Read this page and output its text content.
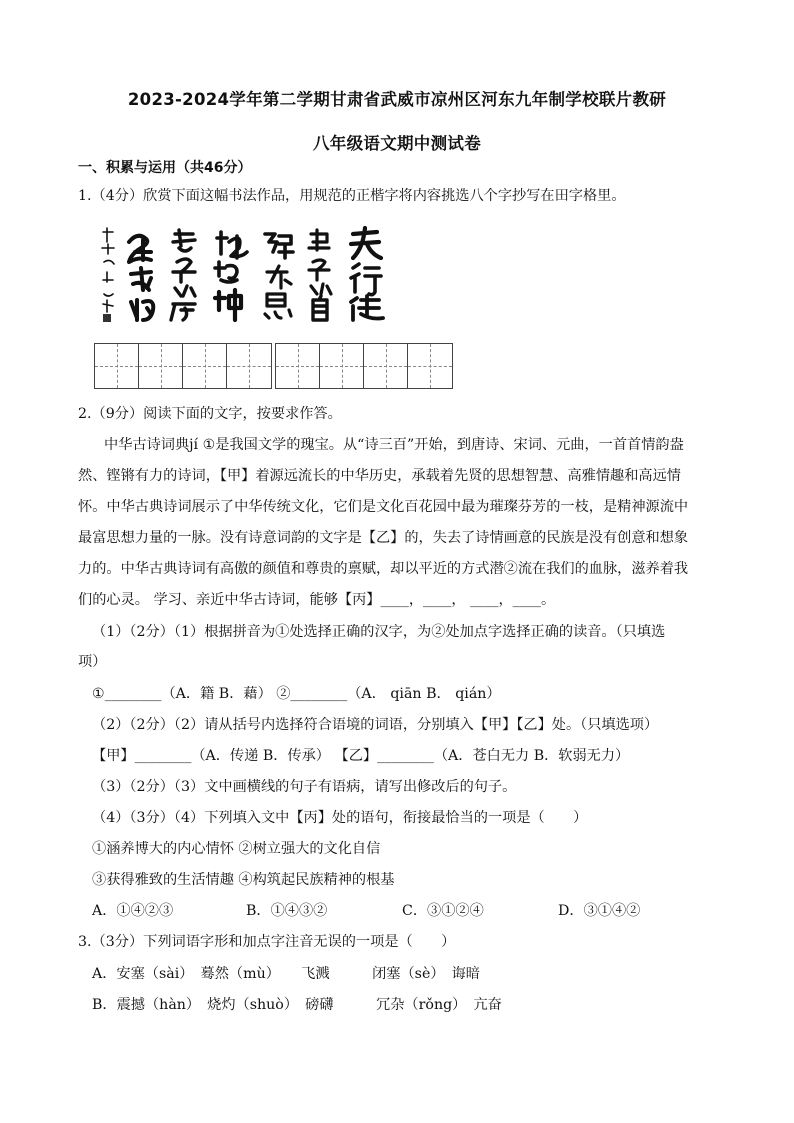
2023-2024学年第二学期甘肃省武威市凉州区河东九年制学校联片教研
八年级语文期中测试卷
一、积累与运用（共46分）
1.（4分）欣赏下面这幅书法作品，用规范的正楷字将内容挑选八个字抄写在田字格里。
2.（9分）阅读下面的文字，按要求作答。
中华古诗词典jí ①是我国文学的瑰宝。从“诗三百”开始，到唐诗、宋词、元曲，一首首情韵盎
然、铿锵有力的诗词，【甲】着源远流长的中华历史，承载着先贤的思想智慧、高雅情趣和高远情
怀。中华古典诗词展示了中华传统文化，它们是文化百花园中最为璀璨芬芳的一枝，是精神源流中
最富思想力量的一脉。没有诗意词韵的文字是【乙】的，失去了诗情画意的民族是没有创意和想象
力的。中华古典诗词有高傲的颜值和尊贵的禀赋，却以平近的方式潜②流在我们的血脉，滋养着我
们的心灵。 学习、亲近中华古诗词，能够【丙】____，____， ____，____。
（1）（2分）（1）根据拼音为①处选择正确的汉字，为②处加点字选择正确的读音。（只填选
项）
①________（A．籍 B．藉） ②________（A． qiān B． qián）
（2）（2分）（2）请从括号内选择符合语境的词语，分别填入【甲】【乙】处。（只填选项）
【甲】________（A．传递 B．传承） 【乙】________（A．苍白无力 B．软弱无力）
（3）（2分）（3）文中画横线的句子有语病，请写出修改后的句子。
（4）（3分）（4）下列填入文中【丙】处的语句，衔接最恰当的一项是（　　）
①涵养博大的内心情怀 ②树立强大的文化自信
③获得雅致的生活情趣 ④构筑起民族精神的根基
A．①④②③	B．①④③②	C．③①②④	D．③①④②
3.（3分）下列词语字形和加点字注音无误的一项是（　　）
A．安塞（sài）　蓦然（mù）　　飞溅　　　闭塞（sè）　诲暗
B．震撼（hàn）　烧灼（shuò）　磅礴　　　冗杂（rǒng）　亢奋
